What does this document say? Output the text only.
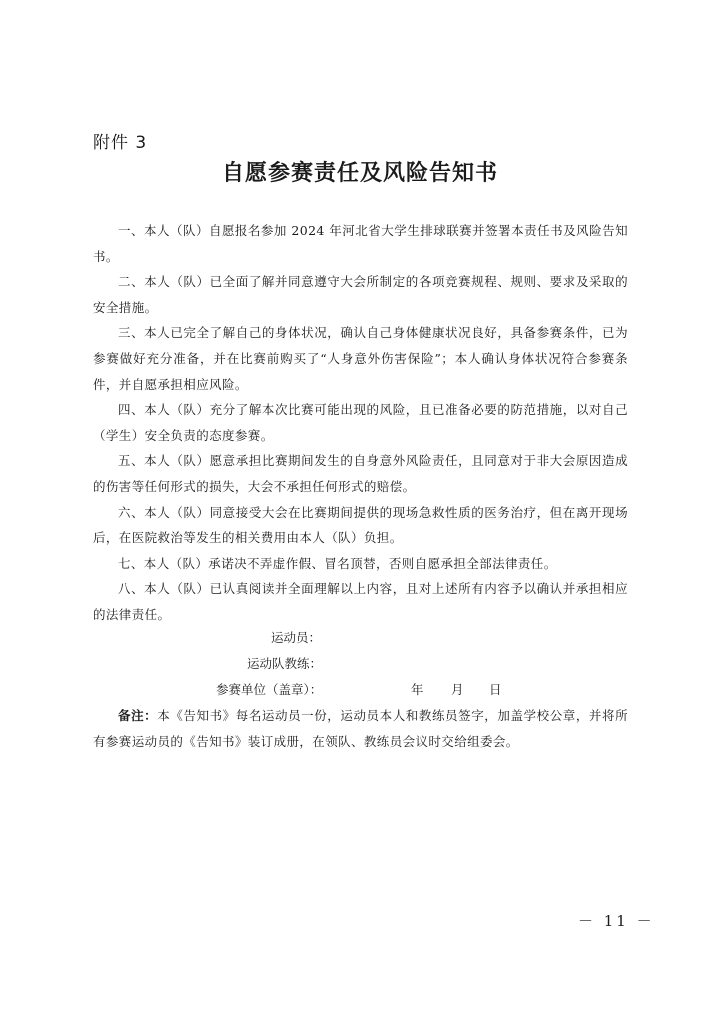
附件 3
自愿参赛责任及风险告知书

一、本人（队）自愿报名参加 2024 年河北省大学生排球联赛并签署本责任书及风险告知书。

二、本人（队）已全面了解并同意遵守大会所制定的各项竞赛规程、规则、要求及采取的安全措施。

三、本人已完全了解自己的身体状况，确认自己身体健康状况良好，具备参赛条件，已为参赛做好充分准备，并在比赛前购买了“人身意外伤害保险”；本人确认身体状况符合参赛条件，并自愿承担相应风险。

四、本人（队）充分了解本次比赛可能出现的风险，且已准备必要的防范措施，以对自己（学生）安全负责的态度参赛。

五、本人（队）愿意承担比赛期间发生的自身意外风险责任，且同意对于非大会原因造成的伤害等任何形式的损失，大会不承担任何形式的赔偿。

六、本人（队）同意接受大会在比赛期间提供的现场急救性质的医务治疗，但在离开现场后，在医院救治等发生的相关费用由本人（队）负担。

七、本人（队）承诺决不弄虚作假、冒名顶替，否则自愿承担全部法律责任。

八、本人（队）已认真阅读并全面理解以上内容，且对上述所有内容予以确认并承担相应的法律责任。

运动员：
运动队教练：
参赛单位（盖章）：	年 月 日

备注：本《告知书》每名运动员一份，运动员本人和教练员签字，加盖学校公章，并将所有参赛运动员的《告知书》装订成册，在领队、教练员会议时交给组委会。

－ 11 －
